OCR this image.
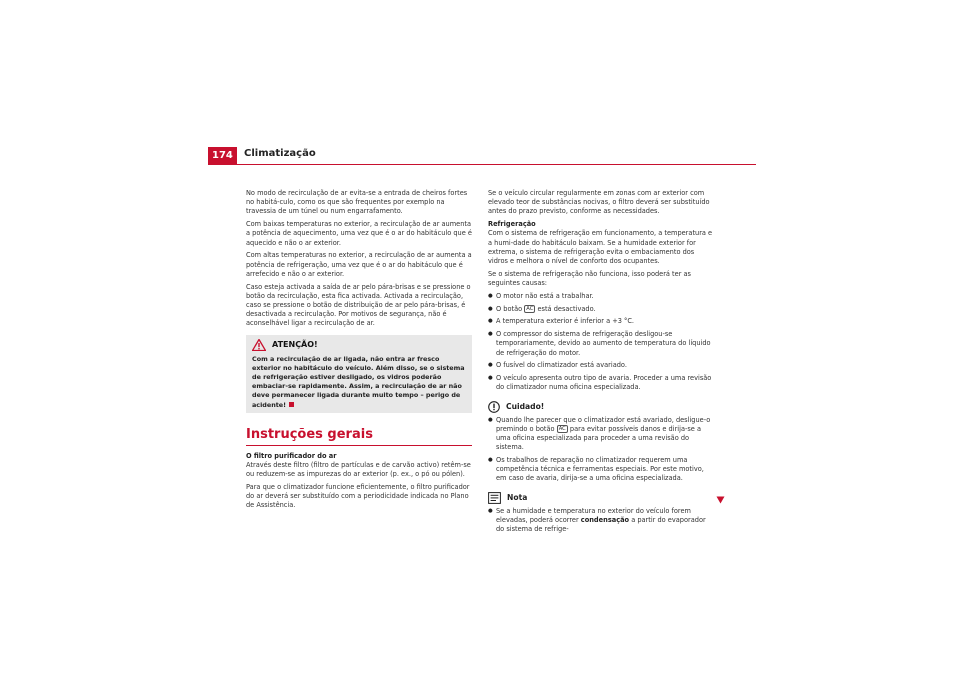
174	Climatização

No modo de recirculação de ar evita-se a entrada de cheiros fortes no habitá-culo, como os que são frequentes por exemplo na travessia de um túnel ou num engarrafamento.

Com baixas temperaturas no exterior, a recirculação de ar aumenta a potência de aquecimento, uma vez que é o ar do habitáculo que é aquecido e não o ar exterior.

Com altas temperaturas no exterior, a recirculação de ar aumenta a potência de refrigeração, uma vez que é o ar do habitáculo que é arrefecido e não o ar exterior.

Caso esteja activada a saída de ar pelo pára-brisas e se pressione o botão da recirculação, esta fica activada. Activada a recirculação, caso se pressione o botão de distribuição de ar pelo pára-brisas, é desactivada a recirculação. Por motivos de segurança, não é aconselhável ligar a recirculação de ar.

ATENÇÃO!
Com a recirculação de ar ligada, não entra ar fresco exterior no habitáculo do veículo. Além disso, se o sistema de refrigeração estiver desligado, os vidros poderão embaciar-se rapidamente. Assim, a recirculação de ar não deve permanecer ligada durante muito tempo – perigo de acidente!
Instruções gerais

O filtro purificador do ar

Através deste filtro (filtro de partículas e de carvão activo) retêm-se ou reduzem-se as impurezas do ar exterior (p. ex., o pó ou pólen).

Para que o climatizador funcione eficientemente, o filtro purificador do ar deverá ser substituído com a periodicidade indicada no Plano de Assistência.

Se o veículo circular regularmente em zonas com ar exterior com elevado teor de substâncias nocivas, o filtro deverá ser substituído antes do prazo previsto, conforme as necessidades.

Refrigeração

Com o sistema de refrigeração em funcionamento, a temperatura e a humi-dade do habitáculo baixam. Se a humidade exterior for extrema, o sistema de refrigeração evita o embaciamento dos vidros e melhora o nível de conforto dos ocupantes.

Se o sistema de refrigeração não funciona, isso poderá ter as seguintes causas:

● O motor não está a trabalhar.

● O botão AC está desactivado.

● A temperatura exterior é inferior a +3 °C.

● O compressor do sistema de refrigeração desligou-se temporariamente, devido ao aumento de temperatura do líquido de refrigeração do motor.

● O fusível do climatizador está avariado.

● O veículo apresenta outro tipo de avaria. Proceder a uma revisão do climatizador numa oficina especializada.

Cuidado!

● Quando lhe parecer que o climatizador está avariado, desligue-o premindo o botão AC para evitar possíveis danos e dirija-se a uma oficina especializada para proceder a uma revisão do sistema.

● Os trabalhos de reparação no climatizador requerem uma competência técnica e ferramentas especiais. Por este motivo, em caso de avaria, dirija-se a uma oficina especializada.

Nota

● Se a humidade e temperatura no exterior do veículo forem elevadas, poderá ocorrer condensação a partir do evaporador do sistema de refrige-
